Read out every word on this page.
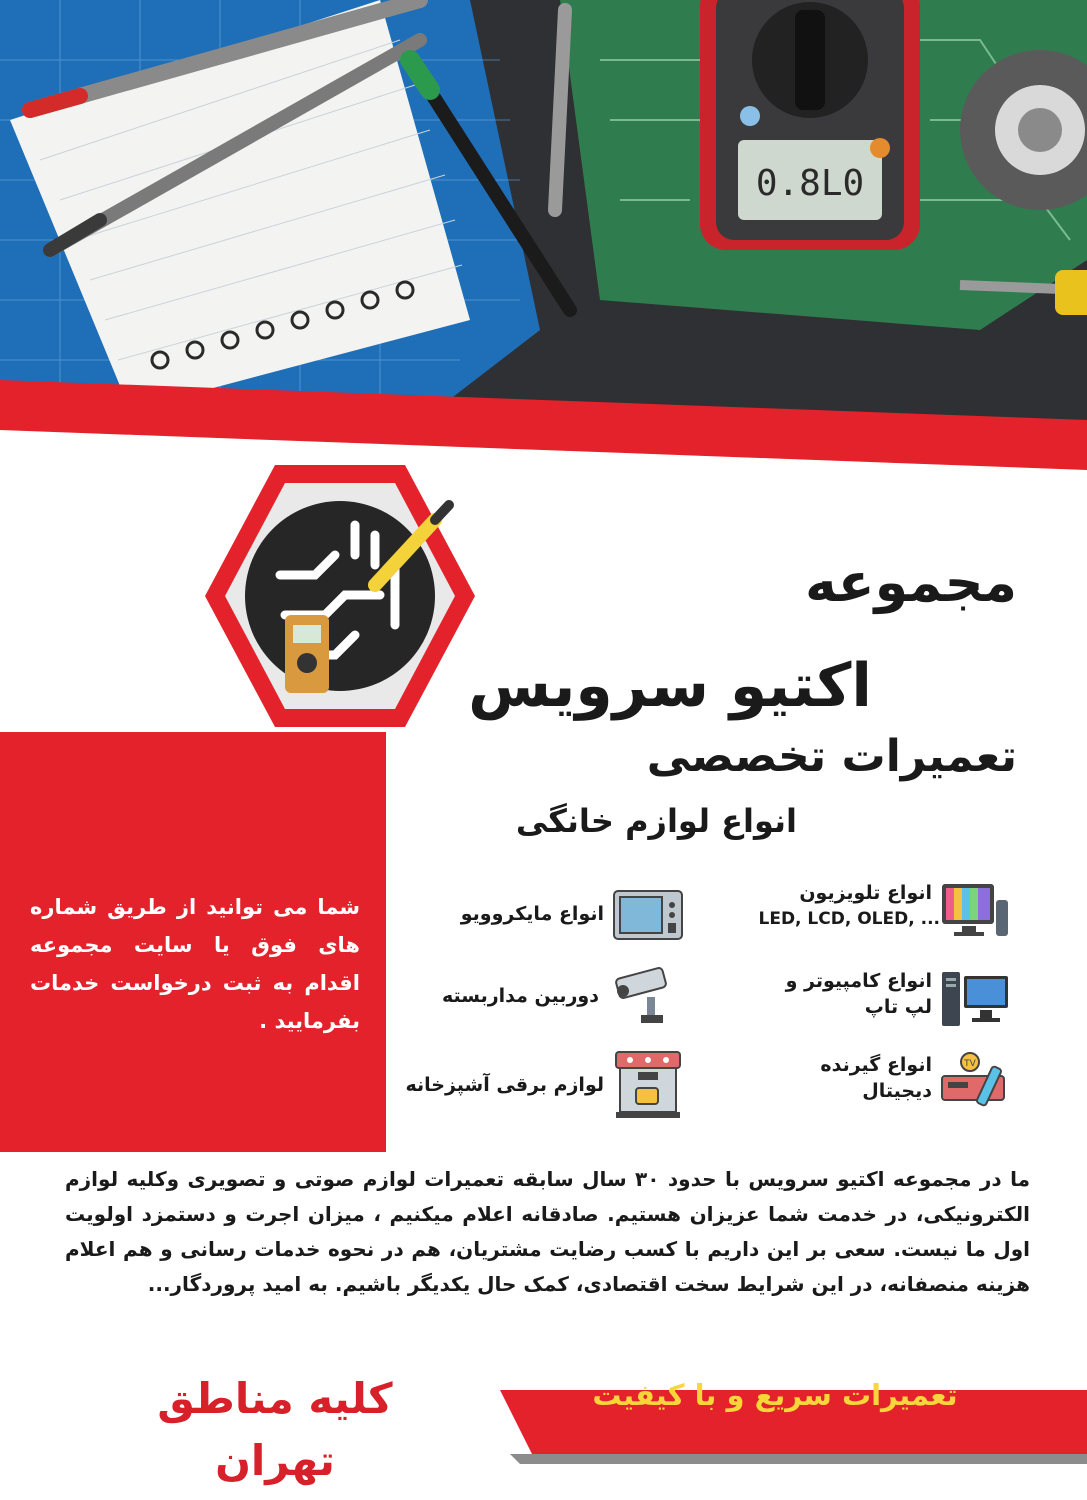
0.8L0
مجموعه
اکتیو سرویس
تعمیرات تخصصی
انواع لوازم خانگی
شما می توانید از طریق شماره های فوق یا سایت مجموعه اقدام به ثبت درخواست خدمات بفرمایید .
انواع تلویزیون
LED, LCD, OLED, ...
انواع مایکروویو
انواع کامپیوتر و لپ تاپ
دوربین مداربسته
TV
انواع گیرنده دیجیتال
لوازم برقی آشپزخانه
ما در مجموعه اکتیو سرویس با حدود ۳۰ سال سابقه تعمیرات لوازم صوتی و تصویری وکلیه لوازم الکترونیکی، در خدمت شما عزیزان هستیم. صادقانه اعلام میکنیم ، میزان اجرت و دستمزد اولویت اول ما نیست. سعی بر این داریم با کسب رضایت مشتریان، هم در نحوه خدمات رسانی و هم اعلام هزینه منصفانه، در این شرایط سخت اقتصادی، کمک حال یکدیگر باشیم. به امید پروردگار...
تعمیرات سریع و با کیفیت
کلیه مناطق تهران
